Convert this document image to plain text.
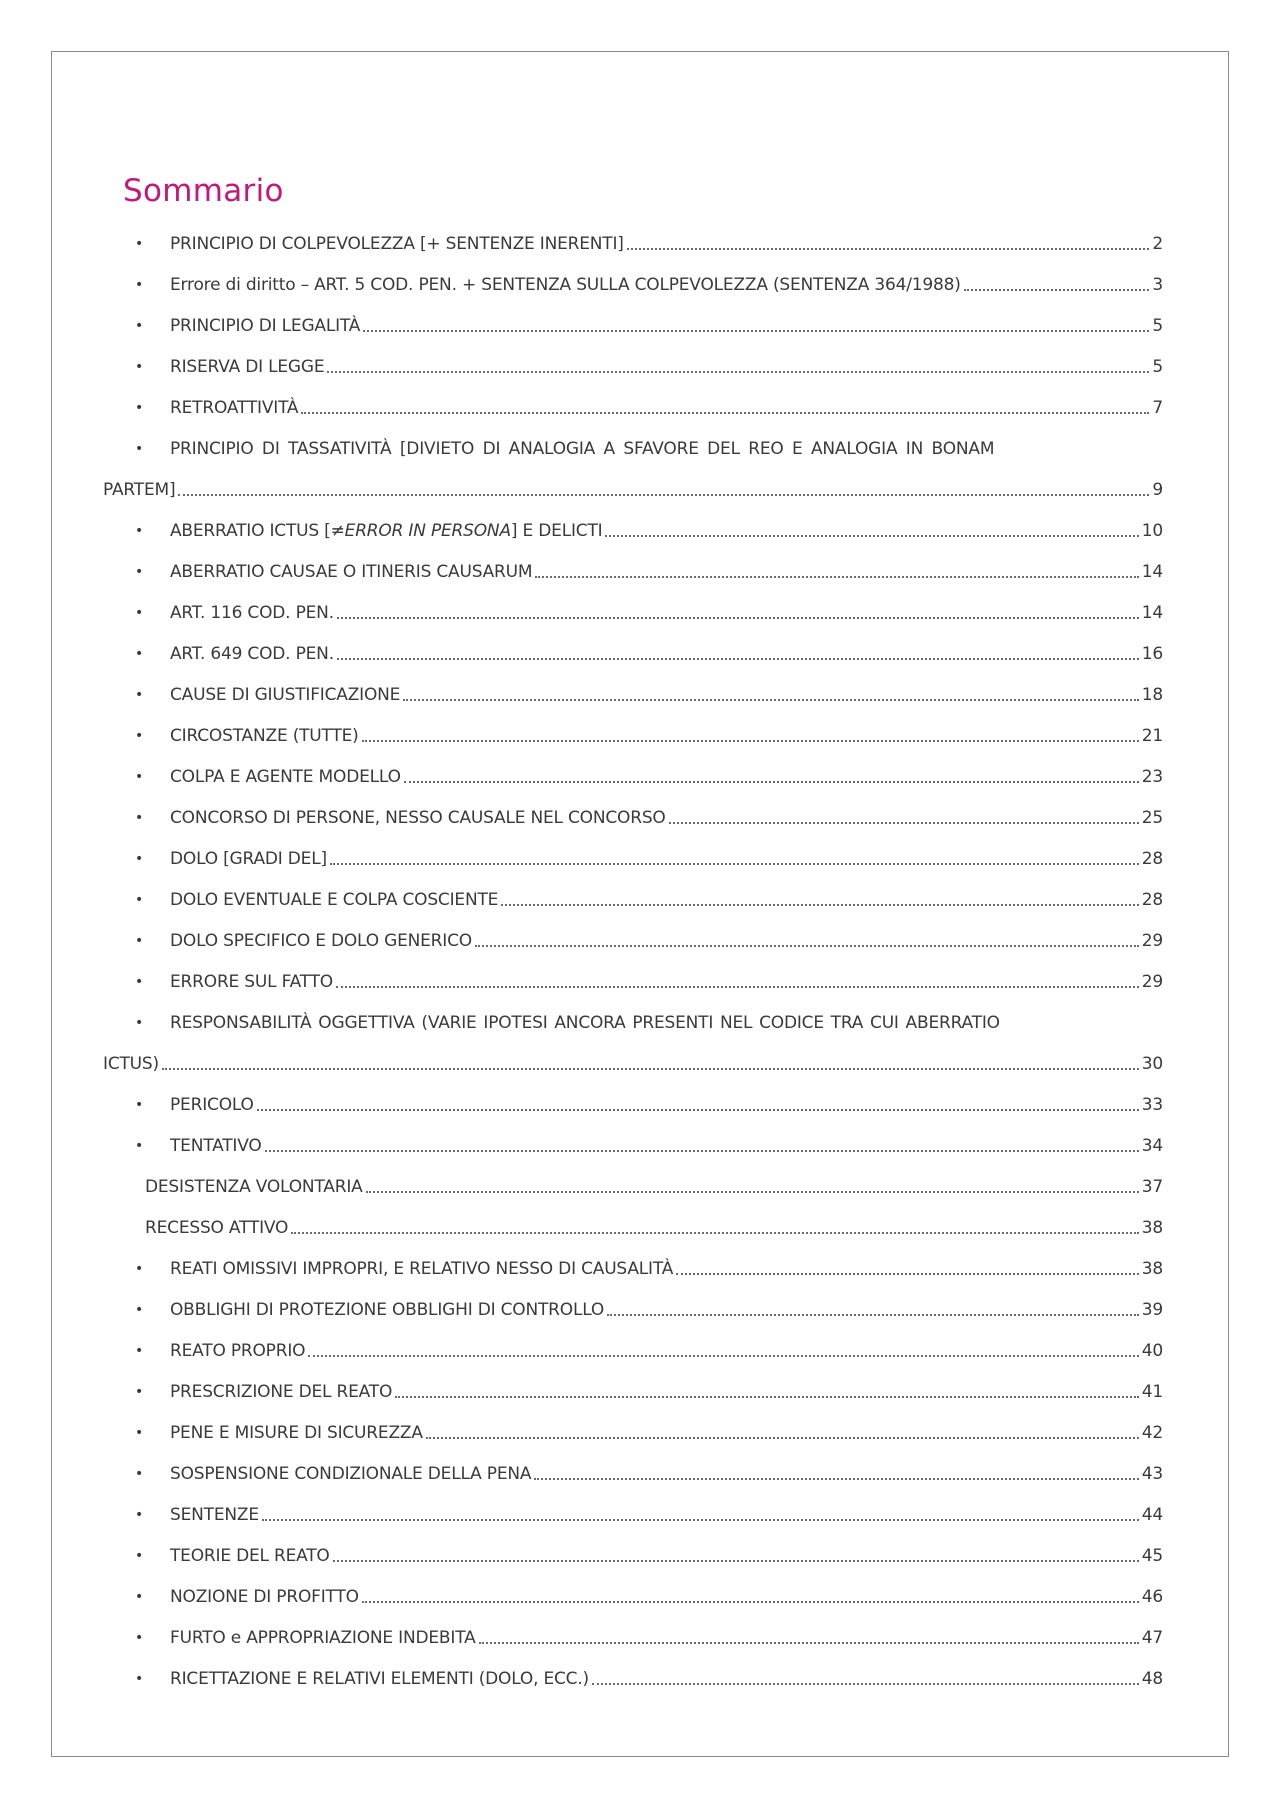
Sommario
•	PRINCIPIO DI COLPEVOLEZZA [+ SENTENZE INERENTI]	2
•	Errore di diritto – ART. 5 COD. PEN. + SENTENZA SULLA COLPEVOLEZZA (SENTENZA 364/1988)	3
•	PRINCIPIO DI LEGALITÀ	5
•	RISERVA DI LEGGE	5
•	RETROATTIVITÀ	7
•	PRINCIPIO DI TASSATIVITÀ [DIVIETO DI ANALOGIA A SFAVORE DEL REO E ANALOGIA IN BONAM
PARTEM]	9
•	ABERRATIO ICTUS [≠ERROR IN PERSONA] E DELICTI	10
•	ABERRATIO CAUSAE O ITINERIS CAUSARUM	14
•	ART. 116 COD. PEN.	14
•	ART. 649 COD. PEN.	16
•	CAUSE DI GIUSTIFICAZIONE	18
•	CIRCOSTANZE (TUTTE)	21
•	COLPA E AGENTE MODELLO	23
•	CONCORSO DI PERSONE, NESSO CAUSALE NEL CONCORSO	25
•	DOLO [GRADI DEL]	28
•	DOLO EVENTUALE E COLPA COSCIENTE	28
•	DOLO SPECIFICO E DOLO GENERICO	29
•	ERRORE SUL FATTO	29
•	RESPONSABILITÀ OGGETTIVA (VARIE IPOTESI ANCORA PRESENTI NEL CODICE TRA CUI ABERRATIO
ICTUS)	30
•	PERICOLO	33
•	TENTATIVO	34
DESISTENZA VOLONTARIA	37
RECESSO ATTIVO	38
•	REATI OMISSIVI IMPROPRI, E RELATIVO NESSO DI CAUSALITÀ	38
•	OBBLIGHI DI PROTEZIONE OBBLIGHI DI CONTROLLO	39
•	REATO PROPRIO	40
•	PRESCRIZIONE DEL REATO	41
•	PENE E MISURE DI SICUREZZA	42
•	SOSPENSIONE CONDIZIONALE DELLA PENA	43
•	SENTENZE	44
•	TEORIE DEL REATO	45
•	NOZIONE DI PROFITTO	46
•	FURTO e APPROPRIAZIONE INDEBITA	47
•	RICETTAZIONE E RELATIVI ELEMENTI (DOLO, ECC.)	48
